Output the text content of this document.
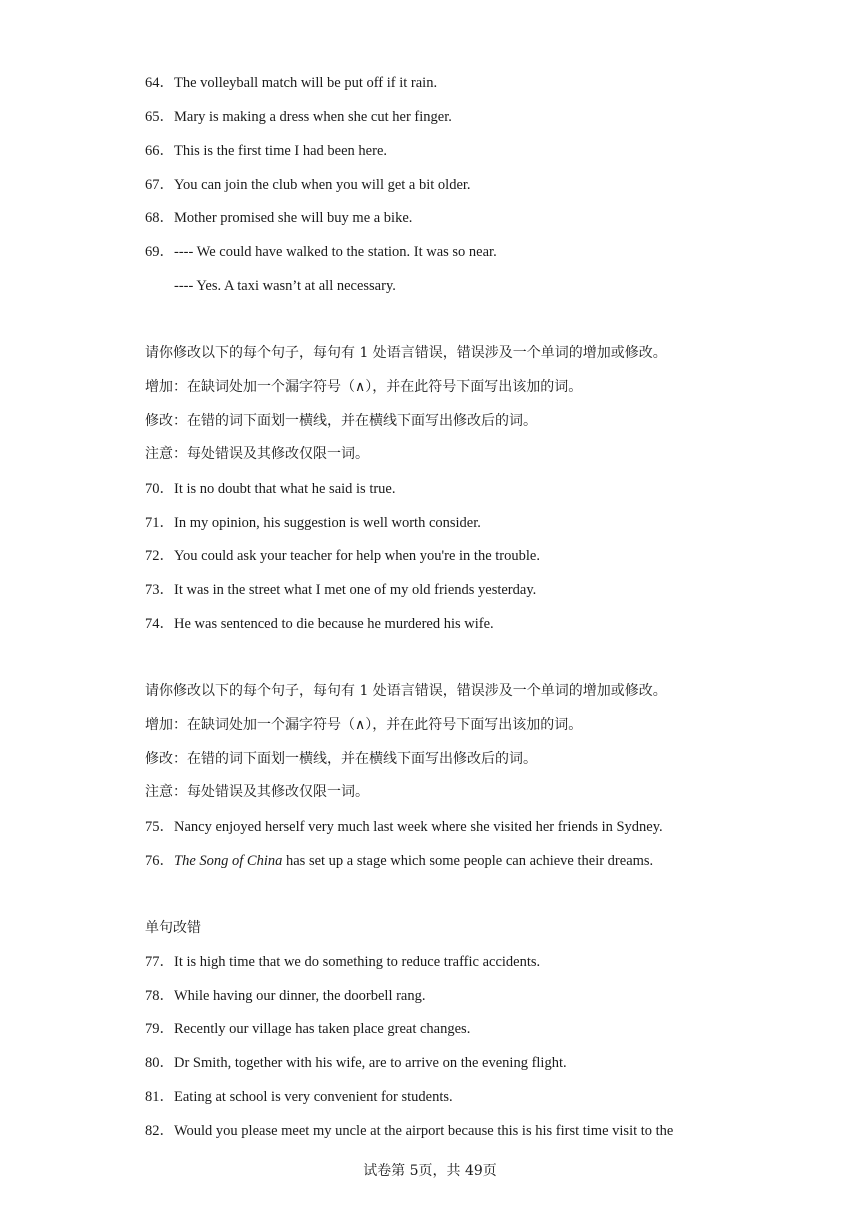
64．The volleyball match will be put off if it rain.
65．Mary is making a dress when she cut her finger.
66．This is the first time I had been here.
67．You can join the club when you will get a bit older.
68．Mother promised she will buy me a bike.
69．---- We could have walked to the station. It was so near.
---- Yes. A taxi wasn’t at all necessary.
请你修改以下的每个句子，每句有 1 处语言错误，错误涉及一个单词的增加或修改。
增加：在缺词处加一个漏字符号（∧），并在此符号下面写出该加的词。
修改：在错的词下面划一横线，并在横线下面写出修改后的词。
注意：每处错误及其修改仅限一词。
70．It is no doubt that what he said is true.
71．In my opinion, his suggestion is well worth consider.
72．You could ask your teacher for help when you're in the trouble.
73．It was in the street what I met one of my old friends yesterday.
74．He was sentenced to die because he murdered his wife.
请你修改以下的每个句子，每句有 1 处语言错误，错误涉及一个单词的增加或修改。
增加：在缺词处加一个漏字符号（∧），并在此符号下面写出该加的词。
修改：在错的词下面划一横线，并在横线下面写出修改后的词。
注意：每处错误及其修改仅限一词。
75．Nancy enjoyed herself very much last week where she visited her friends in Sydney.
76．The Song of China has set up a stage which some people can achieve their dreams.
单句改错
77．It is high time that we do something to reduce traffic accidents.
78．While having our dinner, the doorbell rang.
79．Recently our village has taken place great changes.
80．Dr Smith, together with his wife, are to arrive on the evening flight.
81．Eating at school is very convenient for students.
82．Would you please meet my uncle at the airport because this is his first time visit to the
试卷第 5页，共 49页
